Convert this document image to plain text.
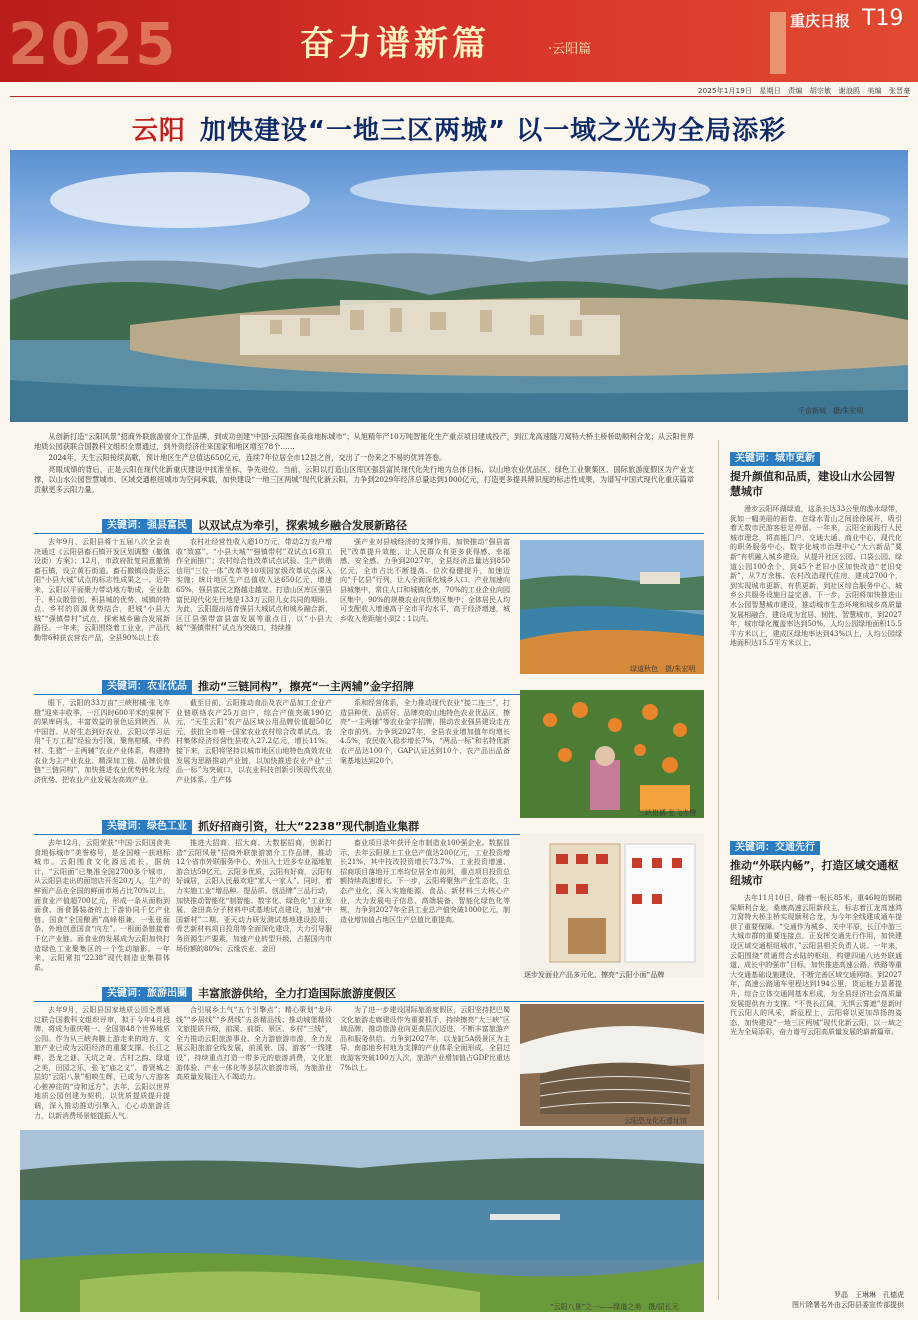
2025	奋力谱新篇	·云阳篇
重庆日报 T19
2025年1月19日　星期日　责编　胡宗敏　谢浪鸥　美编　张晋豪
云阳 加快建设“一地三区两城” 以一域之光为全局添彩
千亩新城　摄/朱宏明

从创新打造“云阳风景”招商外联旅游窗介工作品牌，到成功创建“中国·云阳图食美食地标城市”；从旭精年产10万吨智能化生产重点项目建成投产，到江龙高速隧刀窝特大桥主桥桥助顺利合龙；从云阳世界地质公园获联合国教科文组织全票通过，到外资经济往来国家和地区增至78个……

2024年，天生云阳接续高歌，预计地区生产总值达650亿元，连续7年位居全市12县之首，交出了一份来之不易的优异答卷。

亮眼成绩的背后，正是云阳在现代化新重庆建设中找准坐标、争先进位。当前，云阳以打造山区库区强县富民现代化先行地为总体目标，以山地农业优品区、绿色工业聚集区、国际旅游度假区为产业支撑，以山水公园智慧城市、区域交通枢纽城市为空间承载，加快建设“一地三区两城”现代化新云阳，力争到2029年经济总量达到1000亿元，打造更多提具辨识度的标志性成果，为谱写中国式现代化重庆篇章贡献更多云阳力量。

关键词：强县富民 以双试点为牵引，探索城乡融合发展新路径

去年9月，云阳县将十五届八次全会表决通过《云阳县畜石镇开发区划调整（撤镇设街）方案》；12月，市政府批复同意撤销畜石镇，设立黄石街道。畜石撤镇设街是云阳“小县大城”试点的标志性成果之一。近年来，云阳以平面聚力带动地方勒成，全业散干、积众散智创，积县城的优势、城镇的特点、乡村的资源优势结合，把城“小县大城”“强镇带村”试点，探索城乡融合发展新路径。一年来，云阳围绕着工业业，产品代勤带6种获农营农产品，全县90%以上农

农村社经营性收入超10万元，带动2万农户增收“致富”。“小县大城”“强镇带村”双试点16项工作全面推广；农村综合性改革试点试验、生产供销信用“三位一体”改革等10项国家级改革试点深入实施；统计地区生产总值收入达650亿元，增速65%，强县富民之路越走越宽。打造山区库区强县富民现代化先行地是133万云阳儿女共同的期盼。为此，云阳提出培育强县大城试点和城乡融合新，区江县强带富县富发展等重点目，以“小县大城”“强镇带村”试点为突破口，持续推

强产业对县城经济的支撑作用，加快推动“强县富民”改革提升效能，让人民群众有更多获得感、幸福感、安全感。力争到2027年，全县经济总量达到850亿元，全市占比不断提高、位次稳健提升，加速迈向“千亿县”行列，让人全面深化城乡人口、产业加速向县城集中，常住人口和城镇化率，70%的工业企业向园区集中，90%的规模农业向优势区集中；全体居民人均可支配收入增速高于全市平均水平，高于经济增速，城乡收入差距缩小到2∶1以内。

绿道秋色　摄/朱宏明
关键词：农业优品 推动“三链同构”，擦亮“一主两辅”金字招牌

眼下，云阳的33万亩“三峡柑橘·张飞赤橙”迎来丰收季，一江四时600平米的果树下的果库码头，丰富效益的景色运到陕西，从中国首。从好生态到好农业，云阳以学习运用“千万工程”经验为引领，聚焦柑橘、中药材、生猪“一主两辅”农业产业体系，构建特农业为主产业农业、精深加工链、品牌价值链“三链同构”，加快推进农业优势转化为经济优势、把农业产业发展为高效产业。

截至目前，云阳推动食品及农产品加工企业产业链联络农产25万亩户，综合产值突破190亿元，“天生云阳”农产品区域公用品牌价值超50亿元，获批全市唯一国家农业农村综合改革试点，农村集体经济经营性县收入27.2亿元，增长11%。接下来，云阳将坚持以城市地区山地特色高效农业发展为思路推动产业链，以加快推进农业产业“三品一标”为突破口，以农业科技创新引领现代农业产业体系、生产体

系和经营体系，全力推动现代农业“接二连三”，打造县种优、品质好、品牌亮的山地特色农业优品区，擦亮“一主两辅”等农业金字招牌，推动农业强县建设走在全市前列。力争到2027年，全县农业增加值年均增长4.5%，农民收入稳步增长7%，“两品一标”和名特优新农产品达100个，GAP认证达到10个、农产品出品备案基地达到20个。

三峡柑橘·张飞赤橙
关键词：绿色工业 抓好招商引资，壮大“2238”现代制造业集群

去年12月，云阳荣获“中国·云阳国食美食地标城市”美誉称号，是全国唯一获地标城市。云阳围食文化源远流长，据统计，“云阳面”已集准全国2700多个城市，从云阳县走出的面馆店开至20万人，生产的鲜面产品在全国的鲜面市场占比70%以上，面食业产值超700亿元，形成一条从面粉到面食、面食器装备的上下游协同千亿产业链。国食“全国酿酒”高峰相兼，一张张面条、外地创意国食“向左”，一根面条链接着千亿产业链。面食业的发展成为云阳加快打造绿色工业聚集区的一个生动缩影。一年来，云阳紧扣“2238”现代制造业集群体系。

推进大招商、招大商、大数据招商，创新打造“云阳风景”招商外联旅游窗介工作品牌，推动12个省市外联服务中心，外出入士近多专业福地旅游合达59亿元。云阳多优质，云阳有好商，云阳有好诚居，云阳人民最欢迎“家人一家人”。同时，着力实施工业“增品种、提品质、创品牌”三品行动，加快推动智能化“制智能、数字化、绿色化”工业发展，金田高分子材料中试基地试点建设，加速“中国新材”二期、亚天动力研发测试基地建设投用；骨艺新材料项目投用等全面深化建设，大力引导服务资源生产要素，加速产业转型升级，占据国内市场份额的80%；云缘农业、金田

畜业项目录年获评全市制造业100强企业。数据显示，去年云阳规上工业总产值达200亿元，工业投资增长21%，其中技改投资增长73.7%，工业投资增速、招商项目落地开工率均位居全市前列，重点项目投资总额持续高速增长。下一步，云阳将聚焦产业生态化、生态产业化，深入实施能源、食品、新材料三大核心产业，大力发展电子信息、高端装备、智能化绿色化等规，力争到2027年全县工业总产值突破1000亿元，制造业增加值占地区生产总值比重提高。

逐步发面业产品多元化，擦亮“云阳小面”品牌
关键词：旅游出圈 丰富旅游供给，全力打造国际旅游度假区

去年9月，云阳县国家地质公园全票通过联合国教科文组织评审，拟于今年4月授牌，将成为重庆唯一、全国第48个世界地质公园。作为从三峡奔腾上游走来的地方，文旅产业已成为云阳经济的重要支撑。长江之畔，恐龙之谜、天坑之奇、古村之韵、绿道之美，田园之乐，张飞“庙之义”、普贤城之层的“云阳八景”相映生辉，已成为八方游客心驰神往的“诗和远方”。去年，云阳以世界地质公园创建为契机，以优质提质提升提调，深入推动推动引擎入，心心动旅游活力，以新消费场景能提振人气。

合引展乡土气“五个引擎点”；精心策划“龙环线”“乡居线”“乡贤线”五条精品线；推动城堡精致文旅提质升级，前溪、前街、景区、乡村“三线”，全力推动云阳旅游事业、全力游旅游市游，全力发展云阳旅游全线发展，前溪景、国、游客“一线建设”，持续重点打造一带多元的旅游消费，文化旅游体验、产业一体化等多层次旅游市场，为旅游业高质量发展注入不竭动力。

为了进一步建设国际旅游度假区，云阳坚持把巴蜀文化旅游走廊建设作为重要抓手，持续擦亮“大三峡”区域品牌，推动旅游业向更高层次迈进，不断丰富旅游产品和服务供给。力争到2027年，以龙缸5A级景区为主导、南部地乡村地为支撑的产业体系全面形成，全县过夜游客突破100万人次，旅游产业增加值占GDP比重达7%以上。

云阳恐龙化石遗址馆
“云阳八景”之一——绿道之美　摄/屈长元
关键词：城市更新
提升颜值和品质，建设山水公园智慧城市

漫步云阳环湖绿道，这条长达33公里的游水绿带，犹如一幅美丽的画卷，在绿水青山之间徐徐展开，吸引着无数市民游客驻足停留。一年来，云阳全面践行人民城市理念，将高能门户、交通大通、商业中心，现代化的职务服务中心、数字化城市治理中心“大六新品”要新“有机融入城乡建设。从提升社区公园、口袋公园、绿道公园100余个，到45个老旧小区加快改造“老旧变新”，从7万余栋、农村改造现代住房，建成2700个，到实现城市更新、有机更新，到社区综合服务中心、城乡公共服务设施日益完善。下一步，云阳将加快推进山水公园智慧城市建设，推动城市生态环境和城乡高质量发展相融合，建设成为宜居、韧性、智慧城市，到2027年，城市绿化覆盖率达到50%，人均公园绿地面积15.5平方米以上，建成区绿地率达到43%以上，人均公园绿地面积达15.5平方米以上。

关键词：交通先行
推动“外联内畅”，打造区域交通枢纽城市

去年11月10日，随着一根长85米，重46吨的钢箱梁顺利合龙，桑康高速云阳新段主，标志着江龙高速鸿刀窝特大桥主桥实现顺利合龙，为今年全线建成通车提供了重要保障。“交通作为城乡、关中平原，长江中游三大城市群的重要连接点，正发挥交通先行作用，加快建设区域交通枢纽城市，”云阳县相关负责人说。一年来，云阳围绕“贯通贯合水陆的枢纽，构建四通八达外联通道、成长中的强市”目标，加快推进高速公路、铁路等重大交通基础设施建设，不断完善区域交通网络。到2027年，高速公路通车里程达到194公里，货运能力显著提升，综合立体交通网基本形成，为全县经济社会高质量发展提供有力支撑。“不畏长江阔，无惧云雾遮”是新时代云阳人的风采，新征程上，云阳将以更加昂扬的姿态，加快建设“一地三区两城”现代化新云阳，以一域之光为全局添彩，奋力谱写云阳高质量发展的崭新篇章。

罗晶　王琳琳　孔德虎
图片除署名外由云阳县委宣传部提供
